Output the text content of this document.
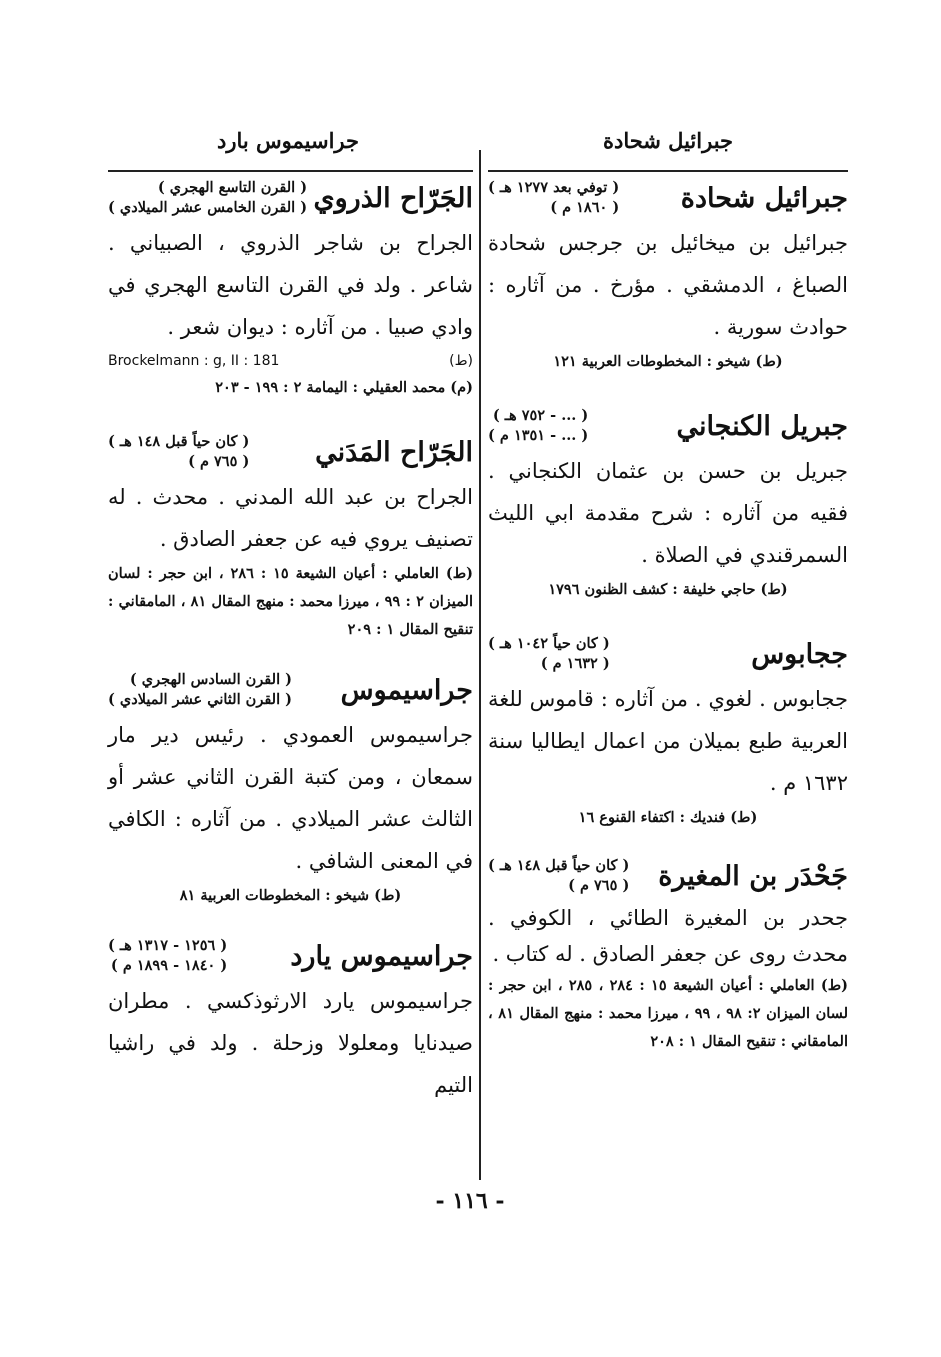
جبرائيل شحادة
جراسيموس بارد
جبرائيل شحادة
( توفي بعد ١٢٧٧ هـ )
( ١٨٦٠ م )
جبرائيل بن ميخائيل بن جرجس شحادة الصباغ ، الدمشقي . مؤرخ . من آثاره : حوادث سورية .
(ط) شيخو : المخطوطات العربية ١٢١
جبريل الكنجاني
( ... - ٧٥٢ هـ )
( ... - ١٣٥١ م )
جبريل بن حسن بن عثمان الكنجاني . فقيه من آثاره : شرح مقدمة ابي الليث السمرقندي في الصلاة .
(ط) حاجي خليفة : كشف الظنون ١٧٩٦
ججابوس
( كان حياً ١٠٤٢ هـ )
( ١٦٣٢ م )
ججابوس . لغوي . من آثاره : قاموس للغة العربية طبع بميلان من اعمال ايطاليا سنة ١٦٣٢ م .
(ط) فنديك : اكتفاء القنوع ١٦
جَحْدَر بن المغيرة
( كان حياً قبل ١٤٨ هـ )
( ٧٦٥ م )
جحدر بن المغيرة الطائي ، الكوفي . محدث روى عن جعفر الصادق . له كتاب .
(ط) العاملي : أعيان الشيعة ١٥ : ٢٨٤ ، ٢٨٥ ، ابن حجر : لسان الميزان ٢: ٩٨ ، ٩٩ ، ميرزا محمد : منهج المقال ٨١ ، المامقاني : تنقيح المقال ١ : ٢٠٨
الجَرّاح الذروي
( القرن التاسع الهجري )
( القرن الخامس عشر الميلادي )
الجراح بن شاجر الذروي ، الصبياني . شاعر . ولد في القرن التاسع الهجري في وادي صبيا . من آثاره : ديوان شعر .
Brockelmann : g, II : 181	(ط)
(م) محمد العقيلي : اليمامة ٢ : ١٩٩ - ٢٠٣
الجَرّاح المَدَني
( كان حياً قبل ١٤٨ هـ )
( ٧٦٥ م )
الجراح بن عبد الله المدني . محدث . له تصنيف يروي فيه عن جعفر الصادق .
(ط) العاملي : أعيان الشيعة ١٥ : ٢٨٦ ، ابن حجر : لسان الميزان ٢ : ٩٩ ، ميرزا محمد : منهج المقال ٨١ ، المامقاني : تنقيح المقال ١ : ٢٠٩
جراسيموس
( القرن السادس الهجري )
( القرن الثاني عشر الميلادي )
جراسيموس العمودي . رئيس دير مار سمعان ، ومن كتبة القرن الثاني عشر أو الثالث عشر الميلادي . من آثاره : الكافي في المعنى الشافي .
(ط) شيخو : المخطوطات العربية ٨١
جراسيموس يارد
( ١٢٥٦ - ١٣١٧ هـ )
( ١٨٤٠ - ١٨٩٩ م )
جراسيموس يارد الارثوذكسي . مطران صيدنايا ومعلولا وزحلة . ولد في راشيا التيم
- ١١٦ -
